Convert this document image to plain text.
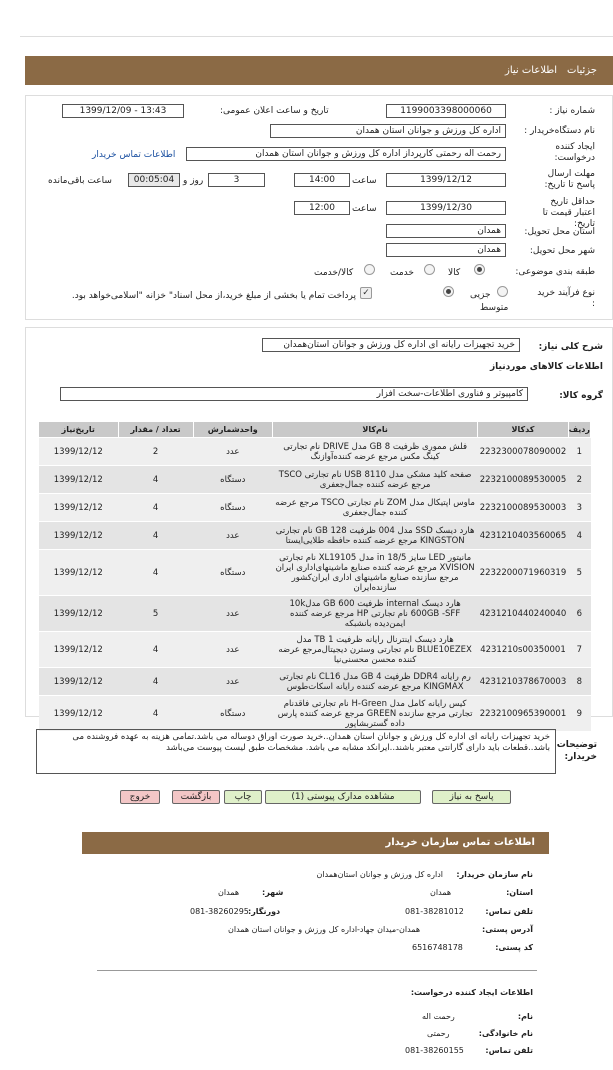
جزئیات
اطلاعات نیاز
شماره نیاز :
1199003398000060
تاریخ و ساعت اعلان عمومی:
1399/12/09 - 13:43
نام دستگاه‌خریدار :
اداره کل ورزش و جوانان استان همدان
ایجاد کننده درخواست:
رحمت اله رحمتی کارپرداز اداره کل ورزش و جوانان استان همدان
اطلاعات تماس خریدار
مهلت ارسال پاسخ تا تاریخ:
1399/12/12
ساعت
14:00
3
روز و
00:05:04
ساعت باقی‌مانده
حداقل تاریخ اعتبار قیمت تا تاریخ:
1399/12/30
ساعت
12:00
استان محل تحویل:
همدان
شهر محل تحویل:
همدان
طبقه بندی موضوعی:
کالا
خدمت
کالا/خدمت
نوع فرآیند خرید :
جزیی
متوسط
✓
پرداخت تمام یا بخشی از مبلغ خرید،از محل اسناد" خزانه "اسلامی‌خواهد بود.
شرح کلی نیاز:
خرید تجهیزات رایانه ای اداره کل ورزش و جوانان استان‌همدان
اطلاعات کالاهای موردنیاز
گروه کالا:
کامپیوتر و فناوری اطلاعات-سخت افزار
ردیف	کدکالا	نام‌کالا	واحدشمارش	تعداد / مقدار	تاریخ‌نیاز
1	2232300078090002	فلش مموری ظرفیت 8 GB مدل DRIVE نام تجارتی کینگ مکس مرجع عرضه کننده‌آوازنگ	عدد	2	1399/12/12
2	2232100089530005	صفحه کلید مشکی مدل USB 8110 نام تجارتی TSCO مرجع عرضه کننده جمال‌جعفری	دستگاه	4	1399/12/12
3	2232100089530003	ماوس اپتیکال مدل ZOM نام تجارتی TSCO مرجع عرضه کننده جمال‌جعفری	دستگاه	4	1399/12/12
4	4231210403560065	هارد دیسک SSD مدل 004 ظرفیت GB 128 نام تجارتی KINGSTON مرجع عرضه کننده حافظه طلایی‌ایستا	عدد	4	1399/12/12
5	2232200071960319	مانیتور LED سایز 18/5 in مدل XL19105 نام تجارتی XVISION مرجع عرضه کننده صنایع ماشینهای‌اداری ایران مرجع سازنده صنایع ماشینهای اداری ایران‌کشور سازنده‌ایران	دستگاه	4	1399/12/12
6	4231210440240040	هارد دیسک internal ظرفیت GB 600 مدل10k 600GB -SFF نام تجارتی HP مرجع عرضه کننده ایمن‌دیده بانشبکه	عدد	5	1399/12/12
7	4231210s00350001	هارد دیسک اینترنال رایانه ظرفیت TB 1 مدل BLUE10EZEX نام تجارتی وسترن دیجیتال‌مرجع عرضه کننده محسن محسنی‌نیا	عدد	4	1399/12/12
8	4231210378670003	رم رایانه DDR4 ظرفیت GB 4 مدل CL16 نام تجارتی KINGMAX مرجع عرضه کننده رایانه اسکات‌طوس	عدد	4	1399/12/12
9	2232100965390001	کیس رایانه کامل مدل H-Green نام تجارتی فاقدنام تجارتی مرجع سازنده GREEN مرجع عرضه کننده پارس داده گستر‌بشاپور	دستگاه	4	1399/12/12
توضیحات خریدار:
خرید تجهیزات رایانه ای اداره کل ورزش و جوانان استان همدان..خرید صورت اوراق دوساله می باشد.تمامی هزینه به عهده فروشنده می باشد..قطعات باید دارای گارانتی معتبر باشند..ایرانکد مشابه می باشد. مشخصات طبق لیست پیوست می‌باشد
پاسخ به نیاز
مشاهده مدارک پیوستی (1)
چاپ
بازگشت
خروج
اطلاعات تماس سازمان خریدار
نام سازمان خریدار:
اداره کل ورزش و جوانان استان‌همدان
استان:
همدان
شهر:
همدان
تلفن تماس:
081-38281012
دورنگار:
081-38260295
آدرس پستی:
همدان-میدان جهاد-اداره کل ورزش و جوانان استان همدان
کد پستی:
6516748178
اطلاعات ایجاد کننده درخواست:
نام:
رحمت اله
نام خانوادگی:
رحمتی
تلفن تماس:
081-38260155
